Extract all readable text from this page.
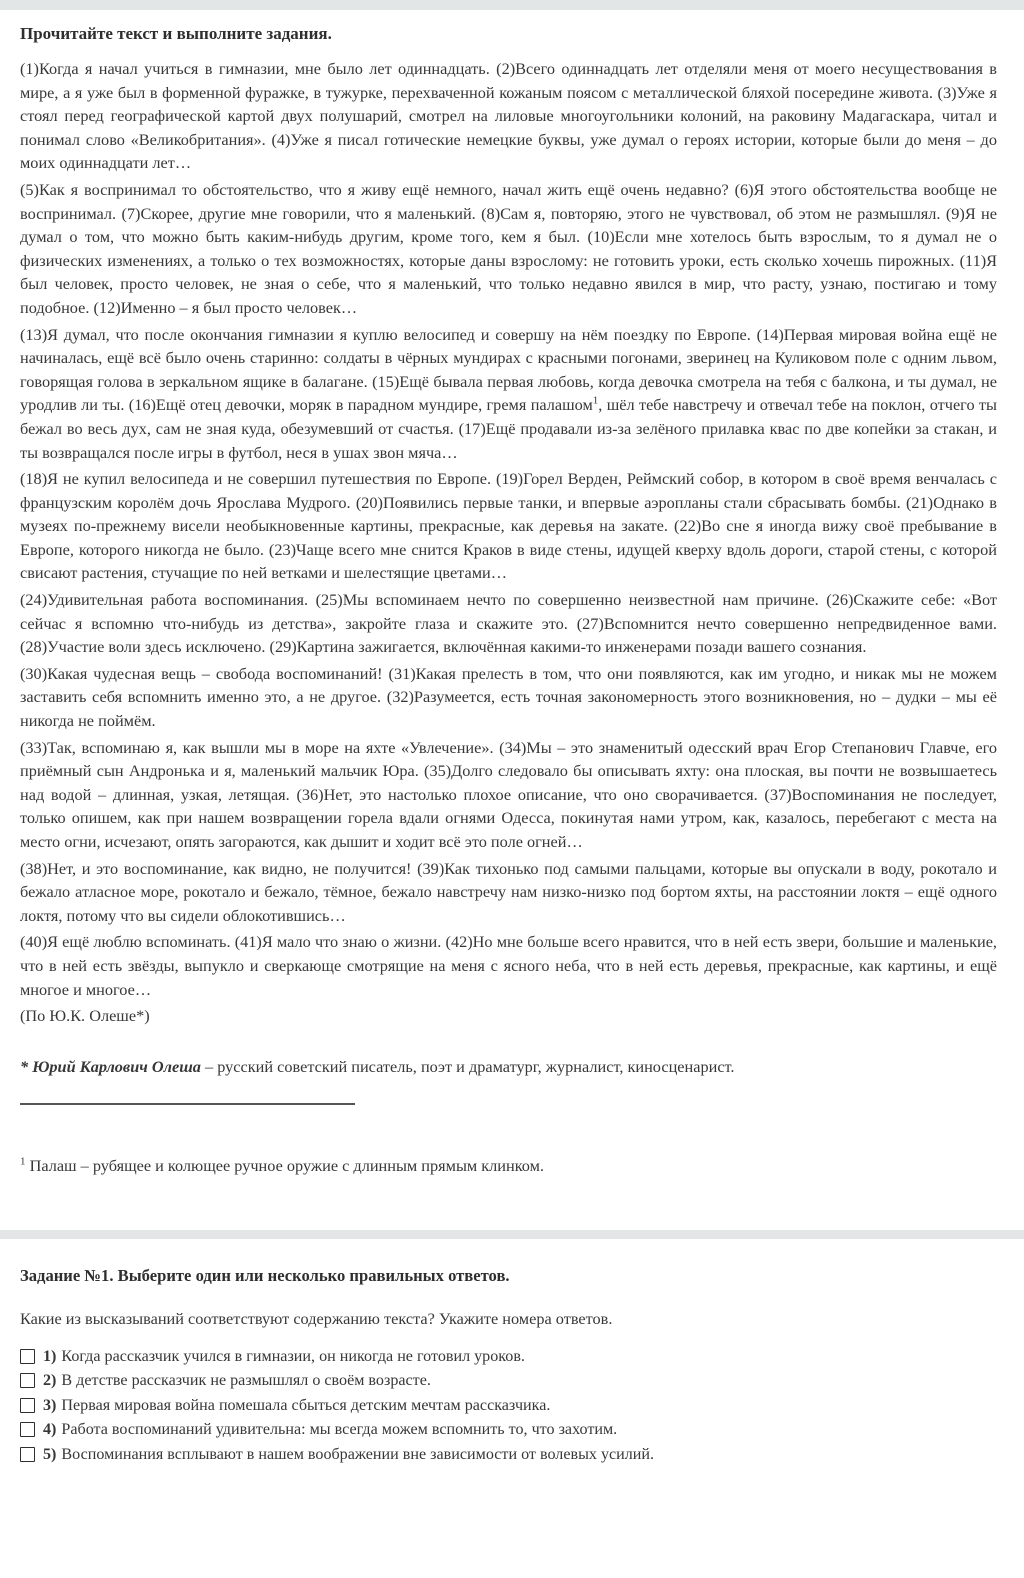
Прочитайте текст и выполните задания.

(1)Когда я начал учиться в гимназии, мне было лет одиннадцать. (2)Всего одиннадцать лет отделяли меня от моего несуществования в мире, а я уже был в форменной фуражке, в тужурке, перехваченной кожаным поясом с металлической бляхой посередине живота. (3)Уже я стоял перед географической картой двух полушарий, смотрел на лиловые многоугольники колоний, на раковину Мадагаскара, читал и понимал слово «Великобритания». (4)Уже я писал готические немецкие буквы, уже думал о героях истории, которые были до меня – до моих одиннадцати лет…

(5)Как я воспринимал то обстоятельство, что я живу ещё немного, начал жить ещё очень недавно? (6)Я этого обстоятельства вообще не воспринимал. (7)Скорее, другие мне говорили, что я маленький. (8)Сам я, повторяю, этого не чувствовал, об этом не размышлял. (9)Я не думал о том, что можно быть каким-нибудь другим, кроме того, кем я был. (10)Если мне хотелось быть взрослым, то я думал не о физических изменениях, а только о тех возможностях, которые даны взрослому: не готовить уроки, есть сколько хочешь пирожных. (11)Я был человек, просто человек, не зная о себе, что я маленький, что только недавно явился в мир, что расту, узнаю, постигаю и тому подобное. (12)Именно – я был просто человек…

(13)Я думал, что после окончания гимназии я куплю велосипед и совершу на нём поездку по Европе. (14)Первая мировая война ещё не начиналась, ещё всё было очень старинно: солдаты в чёрных мундирах с красными погонами, зверинец на Куликовом поле с одним львом, говорящая голова в зеркальном ящике в балагане. (15)Ещё бывала первая любовь, когда девочка смотрела на тебя с балкона, и ты думал, не уродлив ли ты. (16)Ещё отец девочки, моряк в парадном мундире, гремя палашом$^1$, шёл тебе навстречу и отвечал тебе на поклон, отчего ты бежал во весь дух, сам не зная куда, обезумевший от счастья. (17)Ещё продавали из-за зелёного прилавка квас по две копейки за стакан, и ты возвращался после игры в футбол, неся в ушах звон мяча…

(18)Я не купил велосипеда и не совершил путешествия по Европе. (19)Горел Верден, Реймский собор, в котором в своё время венчалась с французским королём дочь Ярослава Мудрого. (20)Появились первые танки, и впервые аэропланы стали сбрасывать бомбы. (21)Однако в музеях по-прежнему висели необыкновенные картины, прекрасные, как деревья на закате. (22)Во сне я иногда вижу своё пребывание в Европе, которого никогда не было. (23)Чаще всего мне снится Краков в виде стены, идущей кверху вдоль дороги, старой стены, с которой свисают растения, стучащие по ней ветками и шелестящие цветами…

(24)Удивительная работа воспоминания. (25)Мы вспоминаем нечто по совершенно неизвестной нам причине. (26)Скажите себе: «Вот сейчас я вспомню что-нибудь из детства», закройте глаза и скажите это. (27)Вспомнится нечто совершенно непредвиденное вами. (28)Участие воли здесь исключено. (29)Картина зажигается, включённая какими-то инженерами позади вашего сознания.

(30)Какая чудесная вещь – свобода воспоминаний! (31)Какая прелесть в том, что они появляются, как им угодно, и никак мы не можем заставить себя вспомнить именно это, а не другое. (32)Разумеется, есть точная закономерность этого возникновения, но – дудки – мы её никогда не поймём.

(33)Так, вспоминаю я, как вышли мы в море на яхте «Увлечение». (34)Мы – это знаменитый одесский врач Егор Степанович Главче, его приёмный сын Андронька и я, маленький мальчик Юра. (35)Долго следовало бы описывать яхту: она плоская, вы почти не возвышаетесь над водой – длинная, узкая, летящая. (36)Нет, это настолько плохое описание, что оно сворачивается. (37)Воспоминания не последует, только опишем, как при нашем возвращении горела вдали огнями Одесса, покинутая нами утром, как, казалось, перебегают с места на место огни, исчезают, опять загораются, как дышит и ходит всё это поле огней…

(38)Нет, и это воспоминание, как видно, не получится! (39)Как тихонько под самыми пальцами, которые вы опускали в воду, рокотало и бежало атласное море, рокотало и бежало, тёмное, бежало навстречу нам низко-низко под бортом яхты, на расстоянии локтя – ещё одного локтя, потому что вы сидели облокотившись…

(40)Я ещё люблю вспоминать. (41)Я мало что знаю о жизни. (42)Но мне больше всего нравится, что в ней есть звери, большие и маленькие, что в ней есть звёзды, выпукло и сверкающе смотрящие на меня с ясного неба, что в ней есть деревья, прекрасные, как картины, и ещё многое и многое…

(По Ю.К. Олеше*)

* Юрий Карлович Олеша – русский советский писатель, поэт и драматург, журналист, киносценарист.
$^1$ Палаш – рубящее и колющее ручное оружие с длинным прямым клинком.
Задание №1. Выберите один или несколько правильных ответов.

Какие из высказываний соответствуют содержанию текста? Укажите номера ответов.

1) Когда рассказчик учился в гимназии, он никогда не готовил уроков.
2) В детстве рассказчик не размышлял о своём возрасте.
3) Первая мировая война помешала сбыться детским мечтам рассказчика.
4) Работа воспоминаний удивительна: мы всегда можем вспомнить то, что захотим.
5) Воспоминания всплывают в нашем воображении вне зависимости от волевых усилий.
